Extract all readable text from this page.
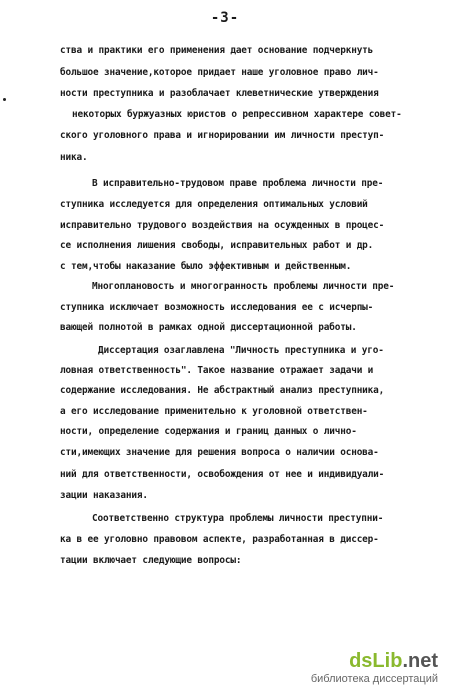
-3-
ства и практики его применения дает основание подчеркнуть
большое значение,которое придает наше уголовное право лич-
ности преступника и разоблачает клеветнические утверждения
некоторых буржуазных юристов о репрессивном характере совет-
ского уголовного права и игнорировании им личности преступ-
ника.
В исправительно-трудовом праве проблема личности пре-
ступника исследуется для определения оптимальных условий
исправительно трудового воздействия на осужденных в процес-
се исполнения лишения свободы, исправительных работ и др.
с тем,чтобы наказание было эффективным и действенным.
Многоплановость и многогранность проблемы личности пре-
ступника исключает возможность исследования ее с исчерпы-
вающей полнотой в рамках одной диссертационной работы.
Диссертация озаглавлена "Личность преступника и уго-
ловная ответственность". Такое название отражает задачи и
содержание исследования. Не абстрактный анализ преступника,
а его исследование применительно к уголовной ответствен-
ности, определение содержания и границ данных о лично-
сти,имеющих значение для решения вопроса о наличии основа-
ний для ответственности, освобождения от нее и индивидуали-
зации наказания.
Соответственно структура проблемы личности преступни-
ка в ее уголовно правовом аспекте, разработанная в диссер-
тации включает следующие вопросы:
dsLib.net
библиотека диссертаций
